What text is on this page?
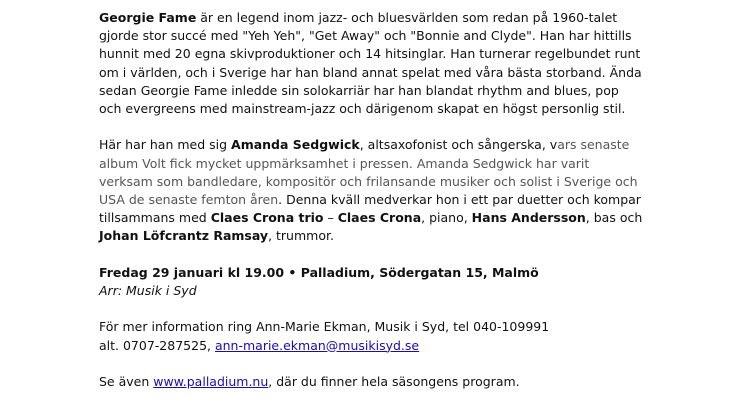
Georgie Fame är en legend inom jazz- och bluesvärlden som redan på 1960-talet gjorde stor succé med "Yeh Yeh", "Get Away" och "Bonnie and Clyde". Han har hittills hunnit med 20 egna skivproduktioner och 14 hitsinglar. Han turnerar regelbundet runt om i världen, och i Sverige har han bland annat spelat med våra bästa storband. Ända sedan Georgie Fame inledde sin solokarriär har han blandat rhythm and blues, pop och evergreens med mainstream-jazz och därigenom skapat en högst personlig stil.

Här har han med sig Amanda Sedgwick, altsaxofonist och sångerska, vars senaste album Volt fick mycket uppmärksamhet i pressen. Amanda Sedgwick har varit verksam som bandledare, kompositör och frilansande musiker och solist i Sverige och USA de senaste femton åren. Denna kväll medverkar hon i ett par duetter och kompar tillsammans med Claes Crona trio – Claes Crona, piano, Hans Andersson, bas och Johan Löfcrantz Ramsay, trummor.

Fredag 29 januari kl 19.00 • Palladium, Södergatan 15, Malmö
Arr: Musik i Syd

För mer information ring Ann-Marie Ekman, Musik i Syd, tel 040-109991
alt. 0707-287525, ann-marie.ekman@musikisyd.se

Se även www.palladium.nu, där du finner hela säsongens program.
